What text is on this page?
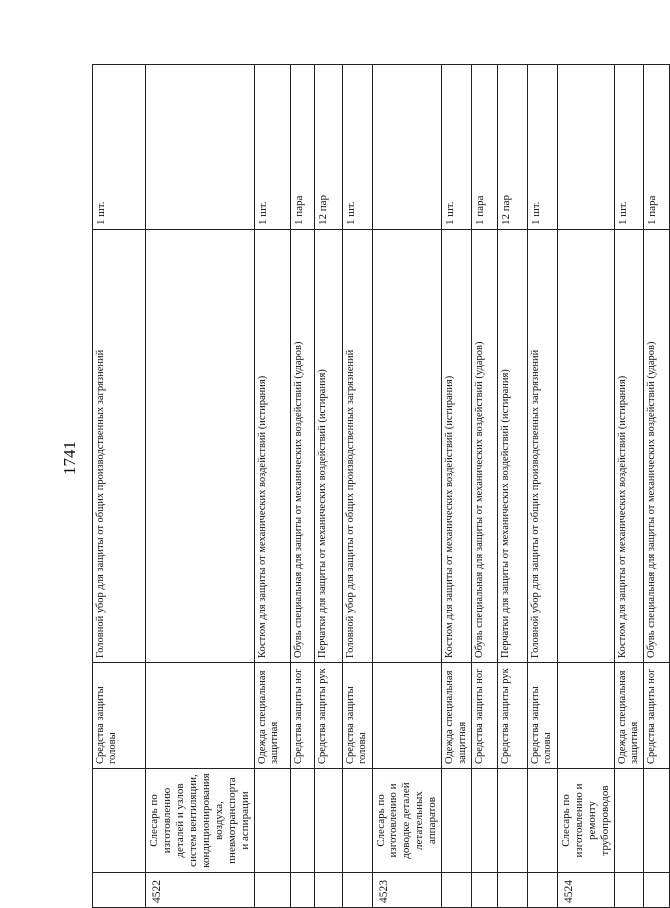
1741
		Средства защиты головы	Головной убор для защиты от общих производственных загрязнений	1 шт.
4522	Слесарь по изготовлению деталей и узлов систем вентиляции, кондиционирования воздуха, пневмотранспорта и аспирации			
		Одежда специальная защитная	Костюм для защиты от механических воздействий (истирания)	1 шт.
		Средства защиты ног	Обувь специальная для защиты от механических воздействий (ударов)	1 пара
		Средства защиты рук	Перчатки для защиты от механических воздействий (истирания)	12 пар
		Средства защиты головы	Головной убор для защиты от общих производственных загрязнений	1 шт.
4523	Слесарь по изготовлению и доводке деталей летательных аппаратов			
		Одежда специальная защитная	Костюм для защиты от механических воздействий (истирания)	1 шт.
		Средства защиты ног	Обувь специальная для защиты от механических воздействий (ударов)	1 пара
		Средства защиты рук	Перчатки для защиты от механических воздействий (истирания)	12 пар
		Средства защиты головы	Головной убор для защиты от общих производственных загрязнений	1 шт.
4524	Слесарь по изготовлению и ремонту трубопроводов			
		Одежда специальная защитная	Костюм для защиты от механических воздействий (истирания)	1 шт.
		Средства защиты ног	Обувь специальная для защиты от механических воздействий (ударов)	1 пара
